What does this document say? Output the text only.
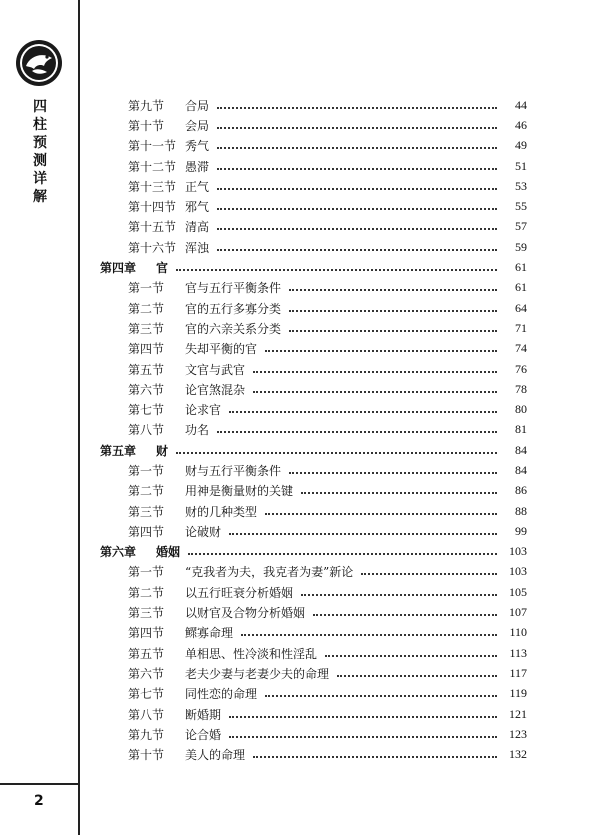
四
柱
预
测
详
解
2
第九节 合局	44
第十节 会局	46
第十一节 秀气	49
第十二节 愚滞	51
第十三节 正气	53
第十四节 邪气	55
第十五节 清高	57
第十六节 浑浊	59
第四章 官	61
第一节 官与五行平衡条件	61
第二节 官的五行多寡分类	64
第三节 官的六亲关系分类	71
第四节 失却平衡的官	74
第五节 文官与武官	76
第六节 论官煞混杂	78
第七节 论求官	80
第八节 功名	81
第五章 财	84
第一节 财与五行平衡条件	84
第二节 用神是衡量财的关键	86
第三节 财的几种类型	88
第四节 论破财	99
第六章 婚姻	103
第一节 “克我者为夫，我克者为妻”新论	103
第二节 以五行旺衰分析婚姻	105
第三节 以财官及合物分析婚姻	107
第四节 鳏寡命理	110
第五节 单相思、性冷淡和性淫乱	113
第六节 老夫少妻与老妻少夫的命理	117
第七节 同性恋的命理	119
第八节 断婚期	121
第九节 论合婚	123
第十节 美人的命理	132
